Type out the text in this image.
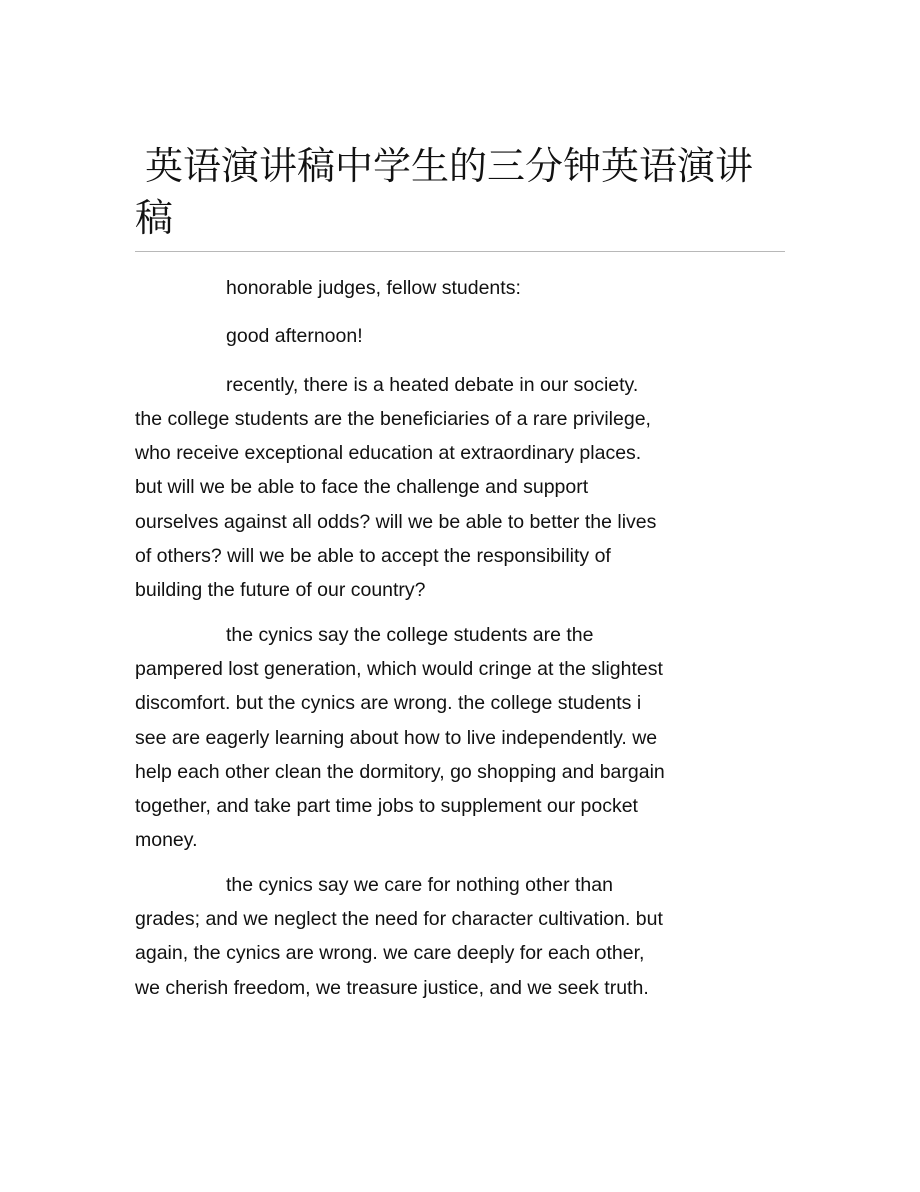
英语演讲稿中学生的三分钟英语演讲稿

honorable judges, fellow students:

good afternoon!

recently, there is a heated debate in our society. the college students are the beneficiaries of a rare privilege, who receive exceptional education at extraordinary places. but will we be able to face the challenge and support ourselves against all odds? will we be able to better the lives of others? will we be able to accept the responsibility of building the future of our country?

the cynics say the college students are the pampered lost generation, which would cringe at the slightest discomfort. but the cynics are wrong. the college students i see are eagerly learning about how to live independently. we help each other clean the dormitory, go shopping and bargain together, and take part time jobs to supplement our pocket money.

the cynics say we care for nothing other than grades; and we neglect the need for character cultivation. but again, the cynics are wrong. we care deeply for each other, we cherish freedom, we treasure justice, and we seek truth.
